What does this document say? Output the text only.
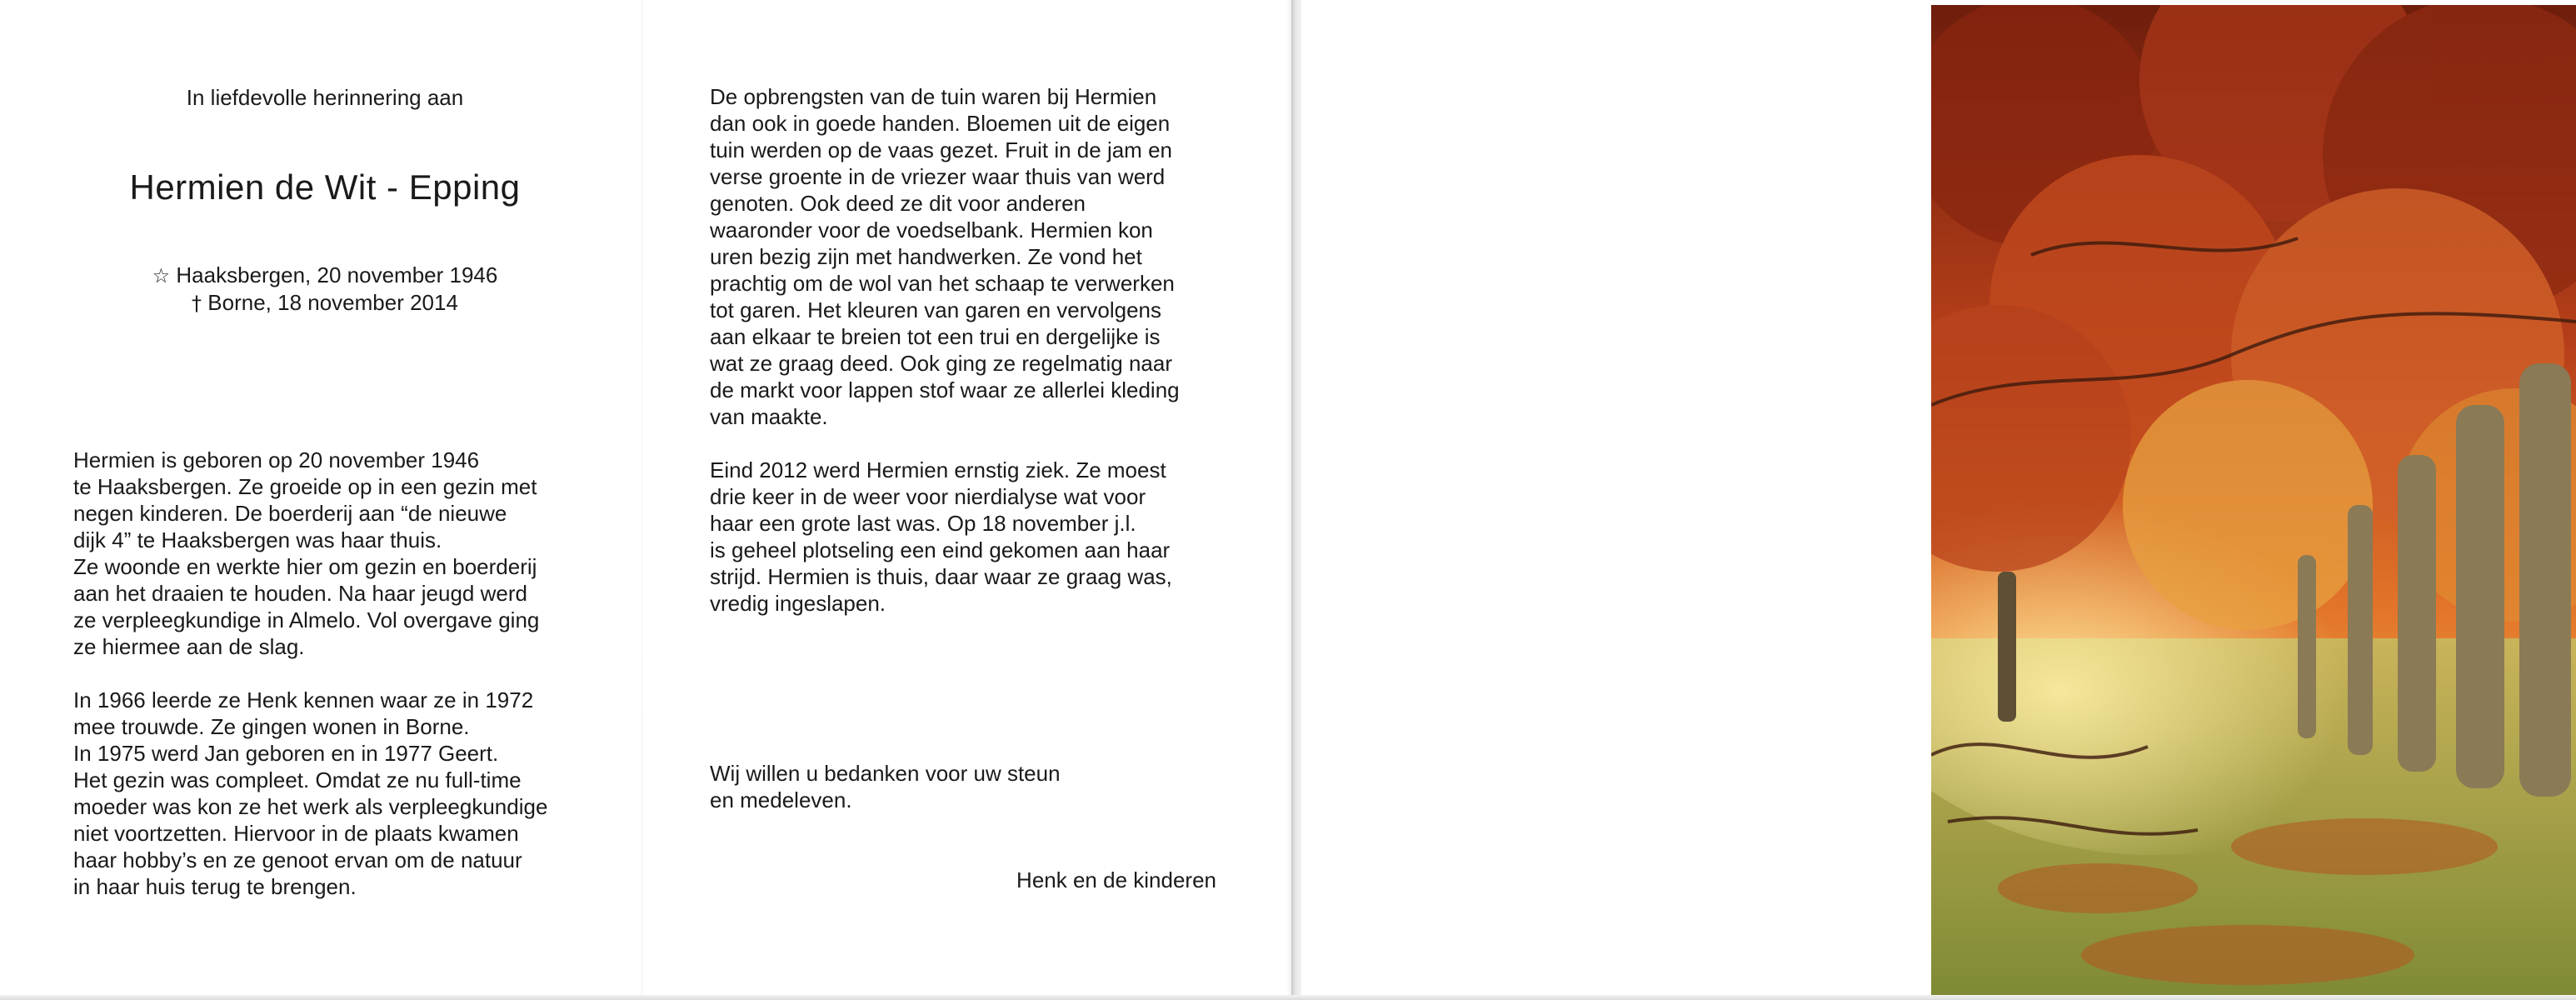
In liefdevolle herinnering aan
Hermien de Wit - Epping
☆ Haaksbergen, 20 november 1946
† Borne, 18 november 2014
Hermien is geboren op 20 november 1946
te Haaksbergen. Ze groeide op in een gezin met
negen kinderen. De boerderij aan “de nieuwe
dijk 4” te Haaksbergen was haar thuis.
Ze woonde en werkte hier om gezin en boerderij
aan het draaien te houden. Na haar jeugd werd
ze verpleegkundige in Almelo. Vol overgave ging
ze hiermee aan de slag.
In 1966 leerde ze Henk kennen waar ze in 1972
mee trouwde. Ze gingen wonen in Borne.
In 1975 werd Jan geboren en in 1977 Geert.
Het gezin was compleet. Omdat ze nu full-time
moeder was kon ze het werk als verpleegkundige
niet voortzetten. Hiervoor in de plaats kwamen
haar hobby’s en ze genoot ervan om de natuur
in haar huis terug te brengen.
De opbrengsten van de tuin waren bij Hermien
dan ook in goede handen. Bloemen uit de eigen
tuin werden op de vaas gezet. Fruit in de jam en
verse groente in de vriezer waar thuis van werd
genoten. Ook deed ze dit voor anderen
waaronder voor de voedselbank. Hermien kon
uren bezig zijn met handwerken. Ze vond het
prachtig om de wol van het schaap te verwerken
tot garen. Het kleuren van garen en vervolgens
aan elkaar te breien tot een trui en dergelijke is
wat ze graag deed. Ook ging ze regelmatig naar
de markt voor lappen stof waar ze allerlei kleding
van maakte.
Eind 2012 werd Hermien ernstig ziek. Ze moest
drie keer in de weer voor nierdialyse wat voor
haar een grote last was. Op 18 november j.l.
is geheel plotseling een eind gekomen aan haar
strijd. Hermien is thuis, daar waar ze graag was,
vredig ingeslapen.
Wij willen u bedanken voor uw steun
en medeleven.
Henk en de kinderen
